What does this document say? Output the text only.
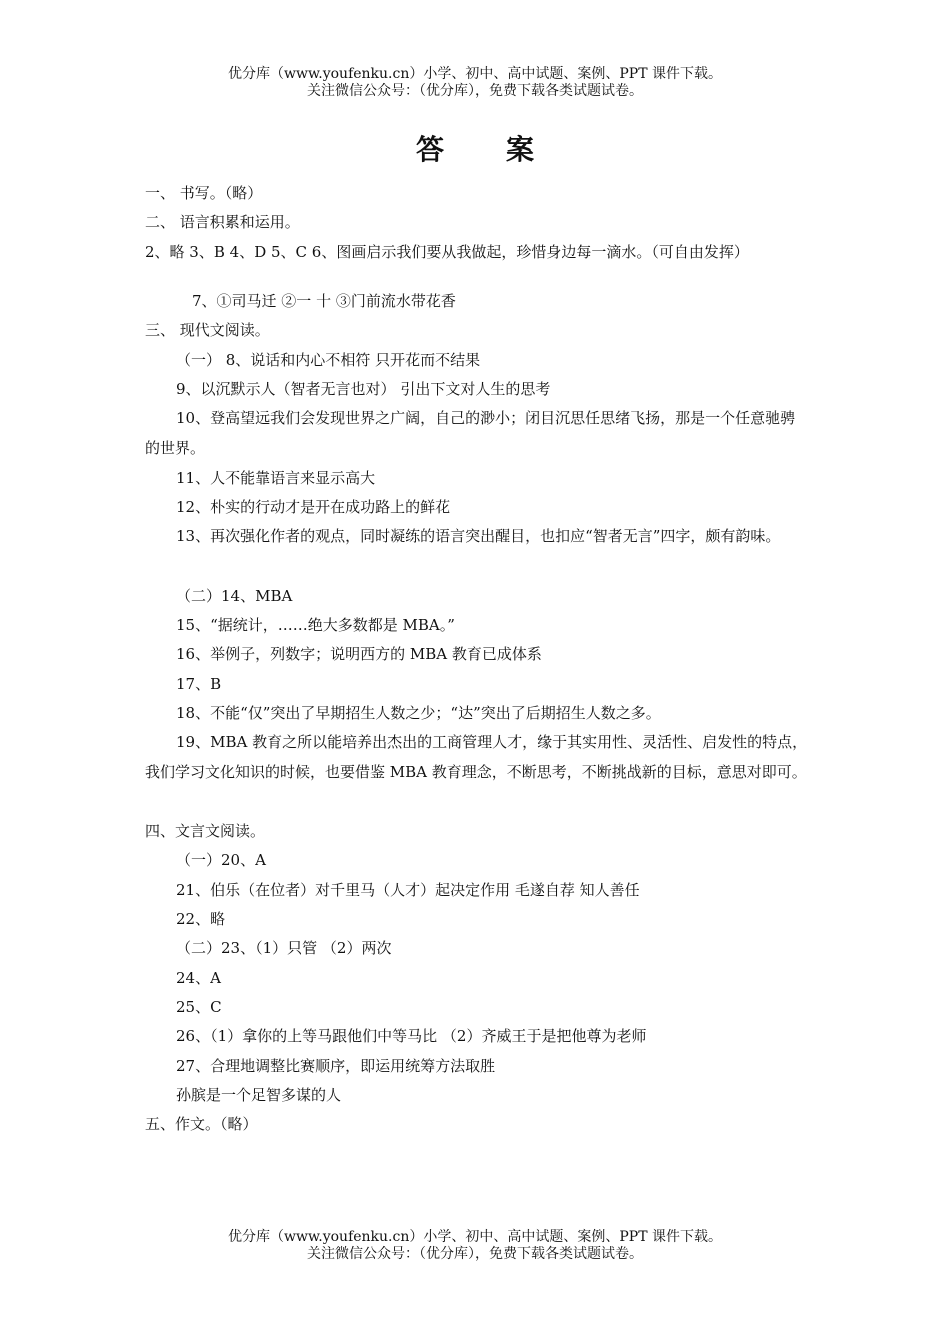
优分库（www.youfenku.cn）小学、初中、高中试题、案例、PPT 课件下载。
关注微信公众号：（优分库），免费下载各类试题试卷。
答案
一、 书写。（略）
二、 语言积累和运用。
2、略 3、B 4、D 5、C 6、图画启示我们要从我做起，珍惜身边每一滴水。（可自由发挥）
7、①司马迁 ②一 十 ③门前流水带花香
三、 现代文阅读。
（一） 8、说话和内心不相符 只开花而不结果
9、以沉默示人（智者无言也对） 引出下文对人生的思考
10、登高望远我们会发现世界之广阔，自己的渺小；闭目沉思任思绪飞扬，那是一个任意驰骋的世界。
11、人不能靠语言来显示高大
12、朴实的行动才是开在成功路上的鲜花
13、再次强化作者的观点，同时凝练的语言突出醒目，也扣应“智者无言”四字，颇有韵味。
（二）14、MBA
15、“据统计，……绝大多数都是 MBA。”
16、举例子，列数字；说明西方的 MBA 教育已成体系
17、B
18、不能“仅”突出了早期招生人数之少；“达”突出了后期招生人数之多。
19、MBA 教育之所以能培养出杰出的工商管理人才，缘于其实用性、灵活性、启发性的特点，我们学习文化知识的时候，也要借鉴 MBA 教育理念，不断思考，不断挑战新的目标，意思对即可。
四、文言文阅读。
（一）20、A
21、伯乐（在位者）对千里马（人才）起决定作用 毛遂自荐 知人善任
22、略
（二）23、（1）只管 （2）两次
24、A
25、C
26、（1）拿你的上等马跟他们中等马比 （2）齐威王于是把他尊为老师
27、合理地调整比赛顺序，即运用统筹方法取胜
孙膑是一个足智多谋的人
五、作文。（略）
优分库（www.youfenku.cn）小学、初中、高中试题、案例、PPT 课件下载。
关注微信公众号：（优分库），免费下载各类试题试卷。
